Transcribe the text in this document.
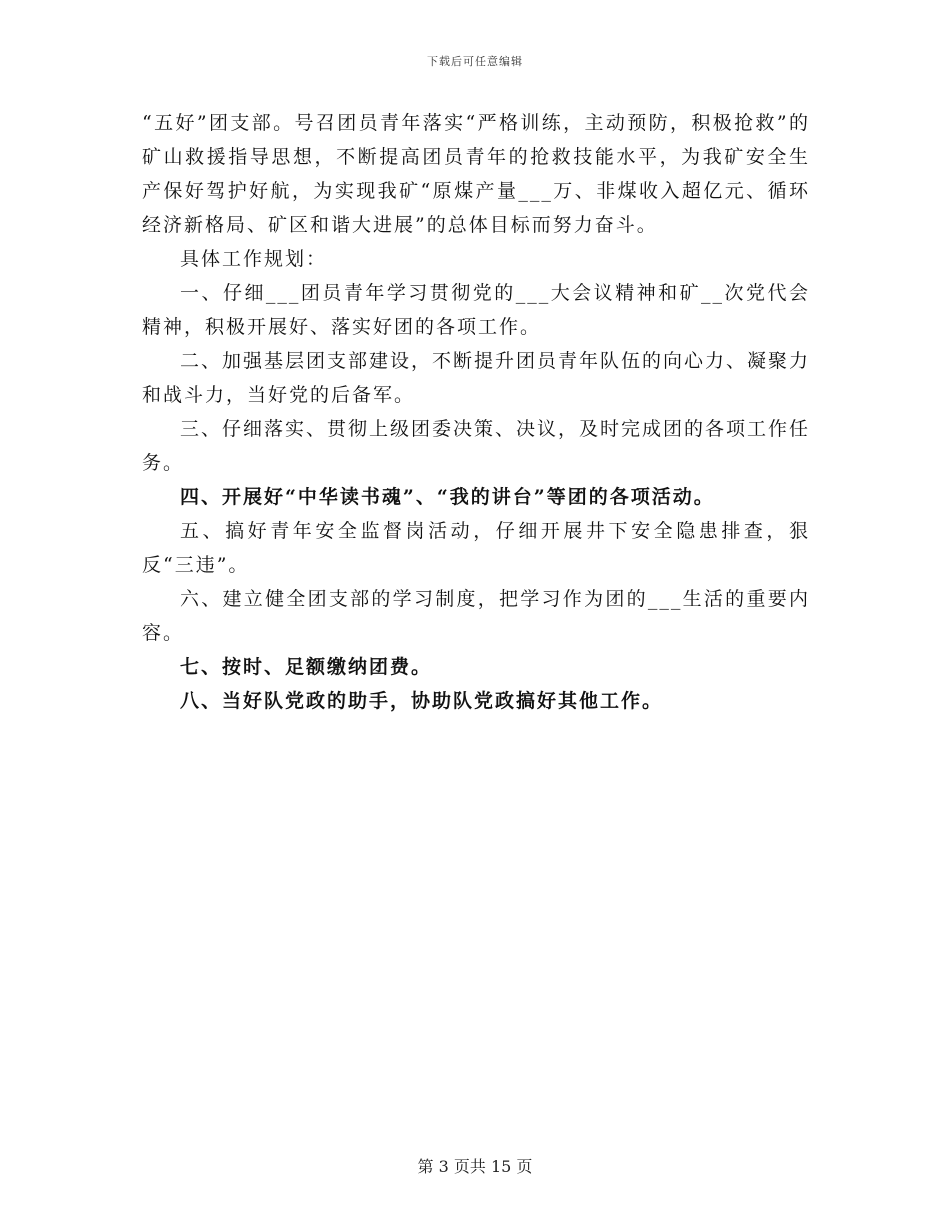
下载后可任意编辑

“五好”团支部。号召团员青年落实“严格训练，主动预防，积极抢救”的矿山救援指导思想，不断提高团员青年的抢救技能水平，为我矿安全生产保好驾护好航，为实现我矿“原煤产量___万、非煤收入超亿元、循环经济新格局、矿区和谐大进展”的总体目标而努力奋斗。

具体工作规划：

一、仔细___团员青年学习贯彻党的___大会议精神和矿__次党代会精神，积极开展好、落实好团的各项工作。

二、加强基层团支部建设，不断提升团员青年队伍的向心力、凝聚力和战斗力，当好党的后备军。

三、仔细落实、贯彻上级团委决策、决议，及时完成团的各项工作任务。

四、开展好“中华读书魂”、“我的讲台”等团的各项活动。

五、搞好青年安全监督岗活动，仔细开展井下安全隐患排查，狠反“三违”。

六、建立健全团支部的学习制度，把学习作为团的___生活的重要内容。

七、按时、足额缴纳团费。

八、当好队党政的助手，协助队党政搞好其他工作。

第 3 页共 15 页
